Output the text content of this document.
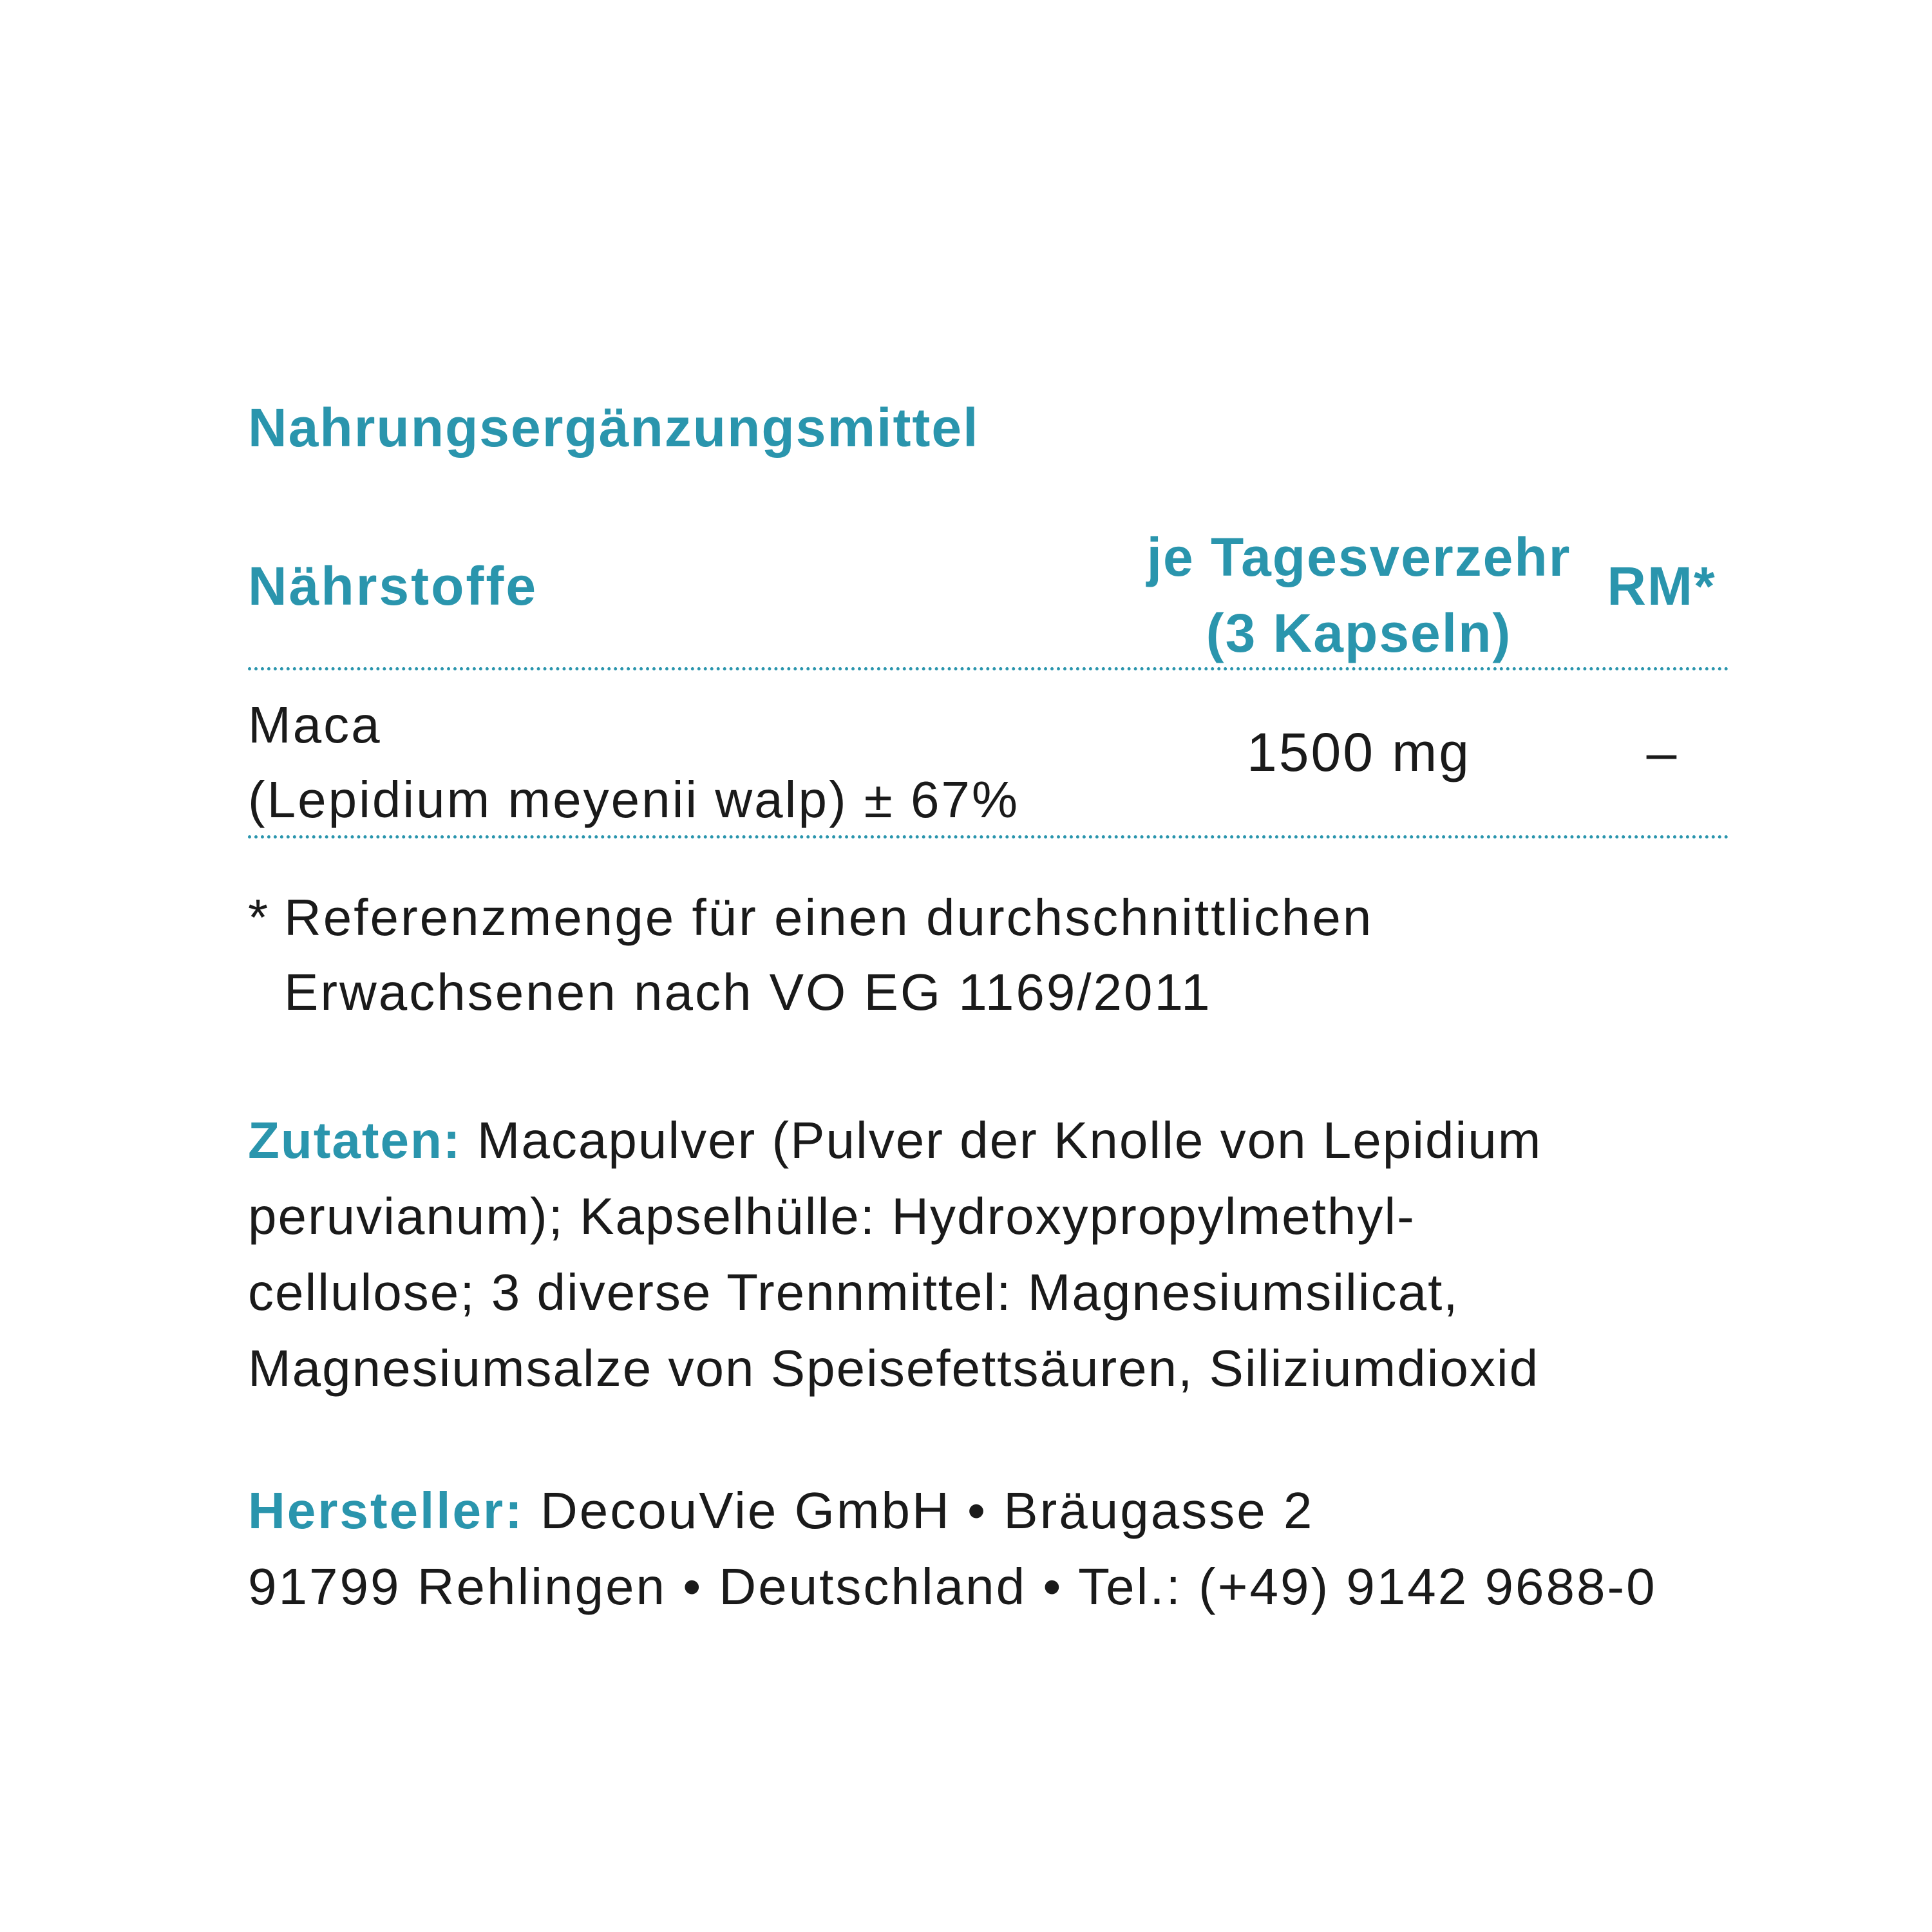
Nahrungsergänzungsmittel
Nährstoffe	je Tagesverzehr
(3 Kapseln)
RM*
Maca
(Lepidium meyenii walp) ± 67%
1500 mg	–
* Referenzmenge für einen durchschnittlichen
Erwachsenen nach VO EG 1169/2011

Zutaten: Macapulver (Pulver der Knolle von Lepidium
peruvianum); Kapselhülle: Hydroxypropylmethyl-
cellulose; 3 diverse Trennmittel: Magnesiumsilicat,
Magnesiumsalze von Speisefettsäuren, Siliziumdioxid

Hersteller: DecouVie GmbH • Bräugasse 2
91799 Rehlingen • Deutschland • Tel.: (+49) 9142 9688-0
